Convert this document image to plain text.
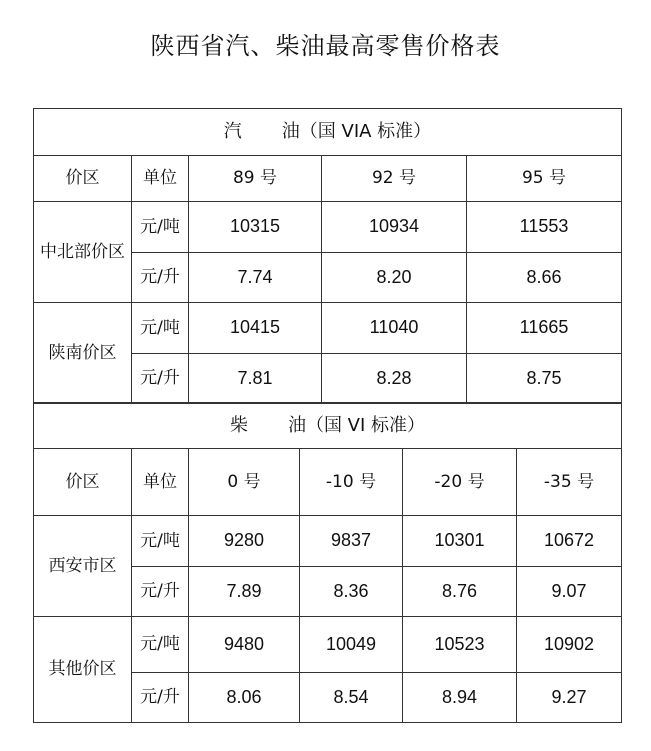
陕西省汽、柴油最高零售价格表
汽 油（国 VIA 标准）				
价区	单位	89 号	92 号	95 号
中北部价区	元/吨	10315	10934	11553
	元/升	7.74	8.20	8.66
陕南价区	元/吨	10415	11040	11665
	元/升	7.81	8.28	8.75
柴 油（国 VI 标准）					
价区	单位	0 号	-10 号	-20 号	-35 号
西安市区	元/吨	9280	9837	10301	10672
	元/升	7.89	8.36	8.76	9.07
其他价区	元/吨	9480	10049	10523	10902
	元/升	8.06	8.54	8.94	9.27
